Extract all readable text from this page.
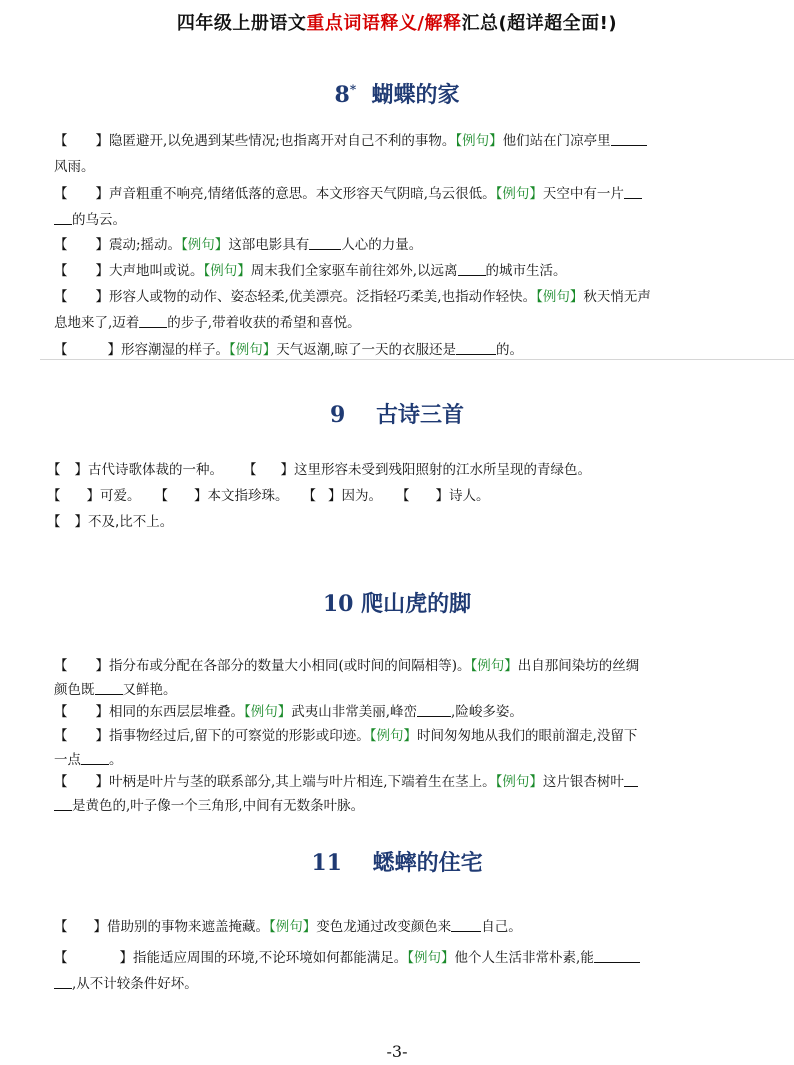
四年级上册语文重点词语释义/解释汇总(超详超全面!)
8* 蝴蝶的家
【 】隐匿避开,以免遇到某些情况;也指离开对自己不利的事物。【例句】他们站在门凉亭里
风雨。
【 】声音粗重不响亮,情绪低落的意思。本文形容天气阴暗,乌云很低。【例句】天空中有一片
的乌云。
【 】震动;摇动。【例句】这部电影具有 人心的力量。
【 】大声地叫或说。【例句】周末我们全家驱车前往郊外,以远离 的城市生活。
【 】形容人或物的动作、姿态轻柔,优美漂亮。泛指轻巧柔美,也指动作轻快。【例句】秋天悄无声
息地来了,迈着 的步子,带着收获的希望和喜悦。
【	】形容潮湿的样子。【例句】天气返潮,晾了一天的衣服还是	的。
9 古诗三首
【 】古代诗歌体裁的一种。 【 】这里形容未受到残阳照射的江水所呈现的青绿色。
【 】可爱。 【 】本文指珍珠。 【 】因为。 【 】诗人。
【 】不及,比不上。
10 爬山虎的脚
【 】指分布或分配在各部分的数量大小相同(或时间的间隔相等)。【例句】出自那间染坊的丝绸
颜色既 又鲜艳。
【 】相同的东西层层堆叠。【例句】武夷山非常美丽,峰峦	,险峻多姿。
【 】指事物经过后,留下的可察觉的形影或印迹。【例句】时间匆匆地从我们的眼前溜走,没留下
一点 。
【 】叶柄是叶片与茎的联系部分,其上端与叶片相连,下端着生在茎上。【例句】这片银杏树叶
是黄色的,叶子像一个三角形,中间有无数条叶脉。
11 蟋蟀的住宅
【 】借助别的事物来遮盖掩藏。【例句】变色龙通过改变颜色来 自己。
【	】指能适应周围的环境,不论环境如何都能满足。【例句】他个人生活非常朴素,能
,从不计较条件好坏。
-3-
